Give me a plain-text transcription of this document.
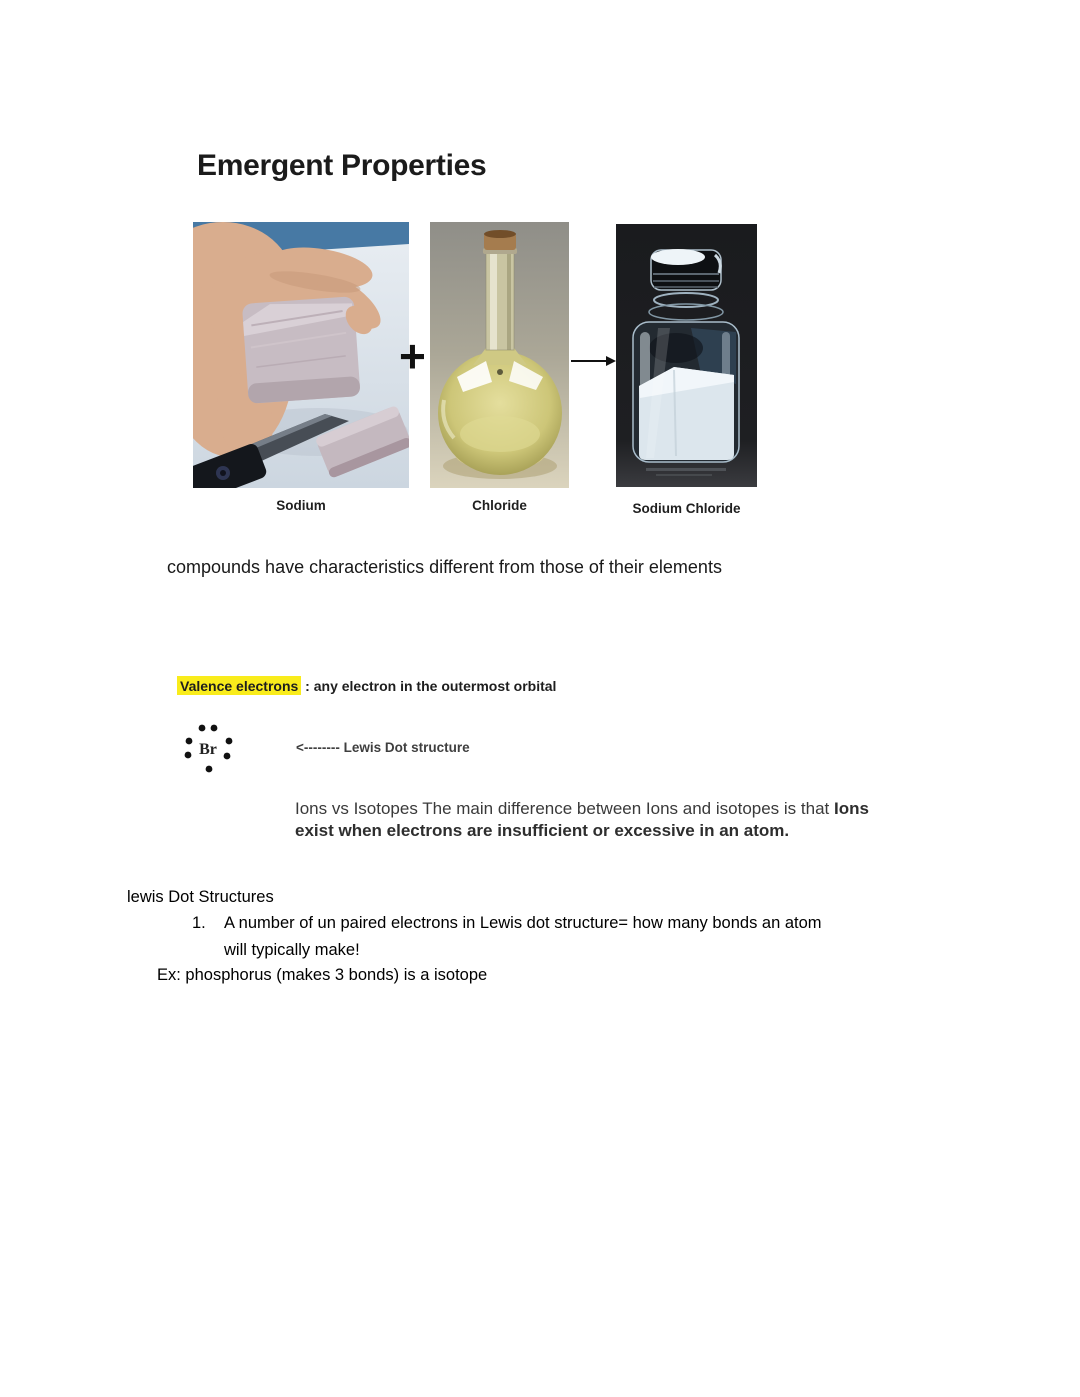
Emergent Properties
+
Sodium	Chloride	Sodium Chloride
compounds have characteristics different from those of their elements
Valence electrons : any electron in the outermost orbital
Br	<-------- Lewis Dot structure
Ions vs Isotopes The main difference between Ions and isotopes is that Ions
exist when electrons are insufficient or excessive in an atom.
lewis Dot Structures
1. A number of un paired electrons in Lewis dot structure= how many bonds an atom
will typically make!
Ex: phosphorus (makes 3 bonds) is a isotope
